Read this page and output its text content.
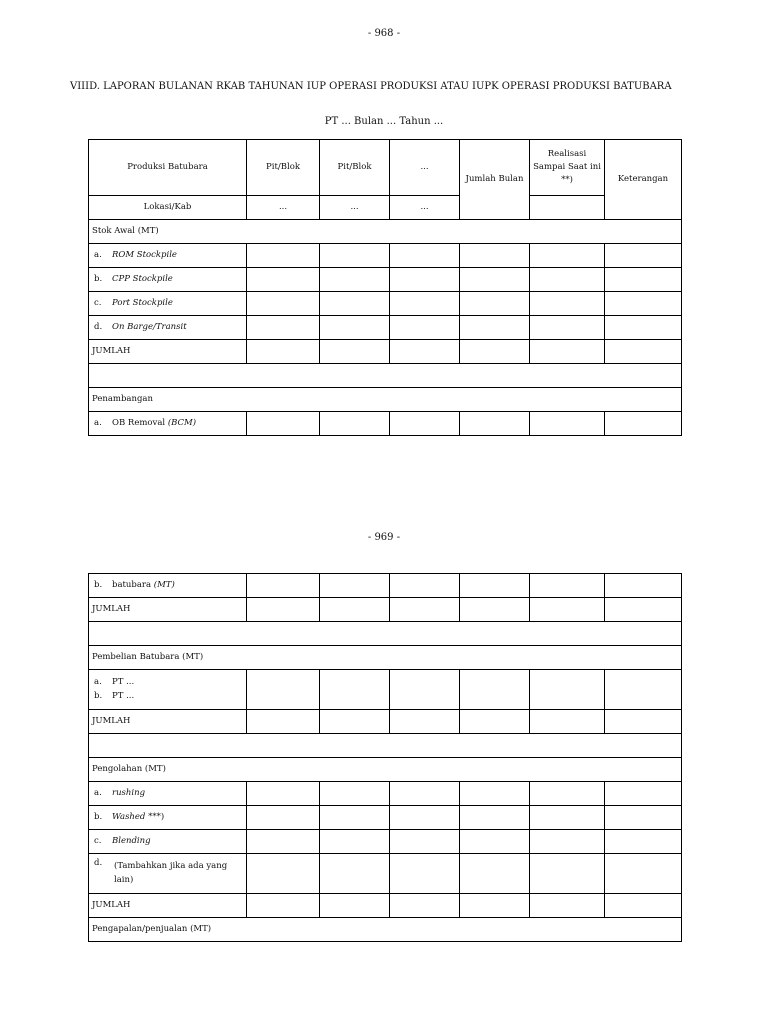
- 968 -
VIIID. LAPORAN BULANAN RKAB TAHUNAN IUP OPERASI PRODUKSI ATAU IUPK OPERASI PRODUKSI BATUBARA
PT ... Bulan ... Tahun ...
Produksi Batubara	Pit/Blok	Pit/Blok	...	Jumlah Bulan	Realisasi Sampai Saat ini **)	Keterangan
Lokasi/Kab	...	...	...			
Stok Awal (MT)						
a. ROM Stockpile						
b. CPP Stockpile						
c. Port Stockpile						
d. On Barge/Transit						
JUMLAH						

Penambangan						
a. OB Removal (BCM)						
- 969 -
b. batubara (MT)						
JUMLAH						

Pembelian Batubara (MT)						

a. PT ...
b. PT ...						

JUMLAH						

Pengolahan (MT)						
a. rushing						
b. Washed ***)						
c. Blending						

d. (Tambahkan jika ada yang lain)						

JUMLAH						
Pengapalan/penjualan (MT)						
